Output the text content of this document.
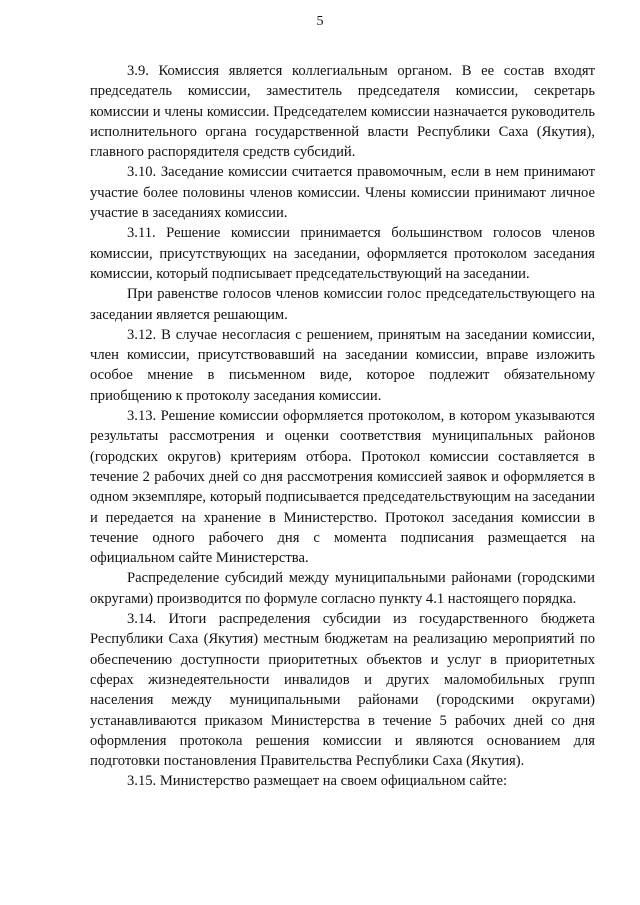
5

3.9. Комиссия является коллегиальным органом. В ее состав входят председатель комиссии, заместитель председателя комиссии, секретарь комиссии и члены комиссии. Председателем комиссии назначается руководитель исполнительного органа государственной власти Республики Саха (Якутия), главного распорядителя средств субсидий.

3.10. Заседание комиссии считается правомочным, если в нем принимают участие более половины членов комиссии. Члены комиссии принимают личное участие в заседаниях комиссии.

3.11. Решение комиссии принимается большинством голосов членов комиссии, присутствующих на заседании, оформляется протоколом заседания комиссии, который подписывает председательствующий на заседании.

При равенстве голосов членов комиссии голос председательствующего на заседании является решающим.

3.12. В случае несогласия с решением, принятым на заседании комиссии, член комиссии, присутствовавший на заседании комиссии, вправе изложить особое мнение в письменном виде, которое подлежит обязательному приобщению к протоколу заседания комиссии.

3.13. Решение комиссии оформляется протоколом, в котором указываются результаты рассмотрения и оценки соответствия муниципальных районов (городских округов) критериям отбора. Протокол комиссии составляется в течение 2 рабочих дней со дня рассмотрения комиссией заявок и оформляется в одном экземпляре, который подписывается председательствующим на заседании и передается на хранение в Министерство. Протокол заседания комиссии в течение одного рабочего дня с момента подписания размещается на официальном сайте Министерства.

Распределение субсидий между муниципальными районами (городскими округами) производится по формуле согласно пункту 4.1 настоящего порядка.

3.14. Итоги распределения субсидии из государственного бюджета Республики Саха (Якутия) местным бюджетам на реализацию мероприятий по обеспечению доступности приоритетных объектов и услуг в приоритетных сферах жизнедеятельности инвалидов и других маломобильных групп населения между муниципальными районами (городскими округами) устанавливаются приказом Министерства в течение 5 рабочих дней со дня оформления протокола решения комиссии и являются основанием для подготовки постановления Правительства Республики Саха (Якутия).

3.15. Министерство размещает на своем официальном сайте:
